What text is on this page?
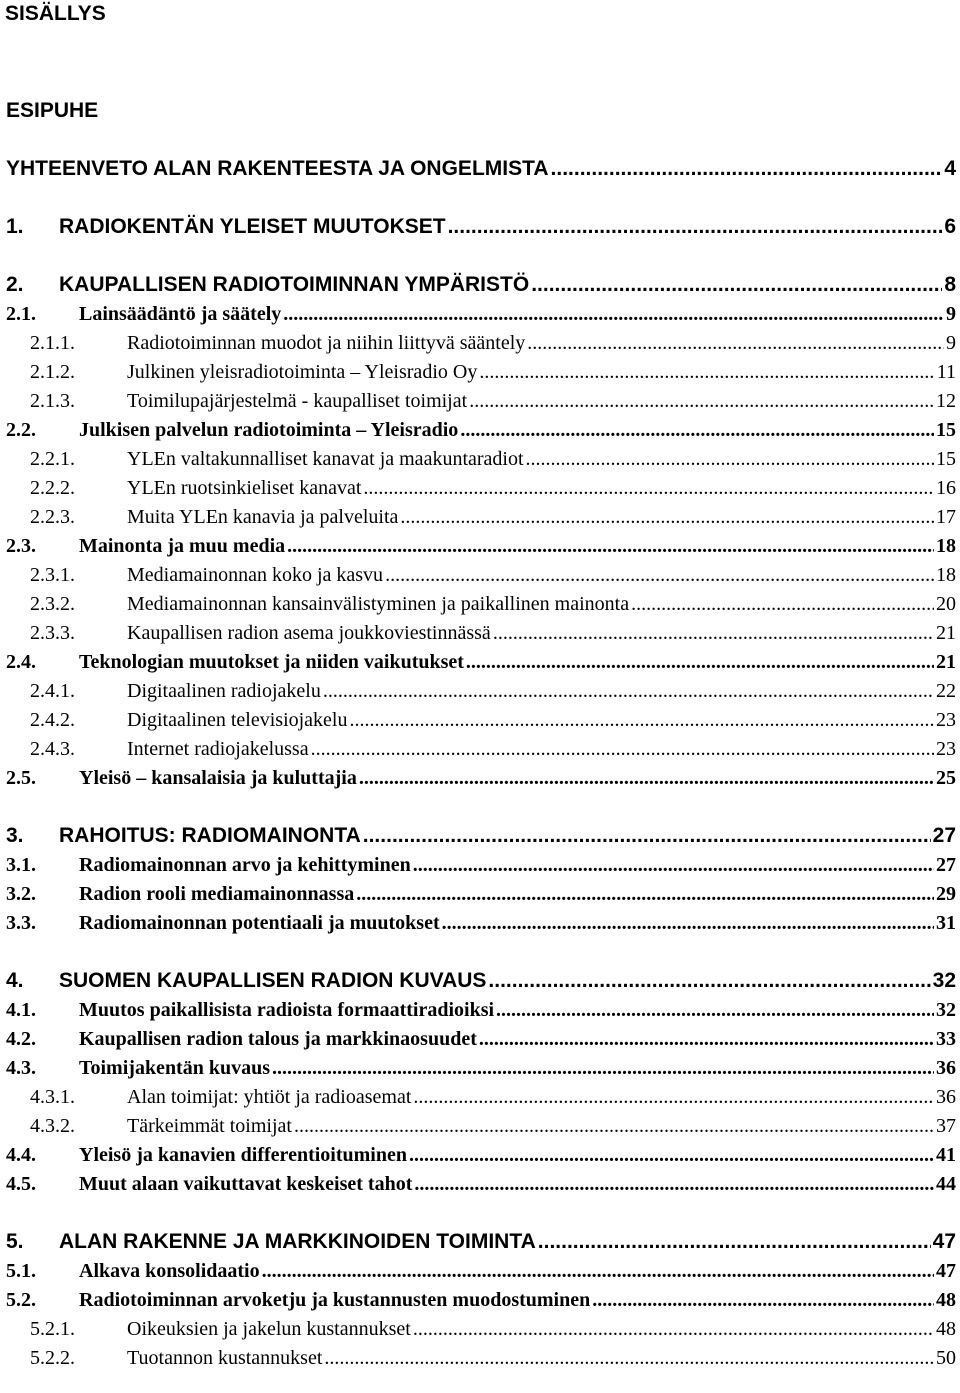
SISÄLLYS
ESIPUHE
YHTEENVETO ALAN RAKENTEESTA JA ONGELMISTA .....	4
1.	RADIOKENTÄN YLEISET MUUTOKSET .....	6
2.	KAUPALLISEN RADIOTOIMINNAN YMPÄRISTÖ .....	8
2.1.	Lainsäädäntö ja säätely .....	9
2.1.1.	Radiotoiminnan muodot ja niihin liittyvä sääntely .....	9
2.1.2.	Julkinen yleisradiotoiminta – Yleisradio Oy .....	11
2.1.3.	Toimilupajärjestelmä - kaupalliset toimijat .....	12
2.2.	Julkisen palvelun radiotoiminta – Yleisradio .....	15
2.2.1.	YLEn valtakunnalliset kanavat ja maakuntaradiot .....	15
2.2.2.	YLEn ruotsinkieliset kanavat .....	16
2.2.3.	Muita YLEn kanavia ja palveluita .....	17
2.3.	Mainonta ja muu media .....	18
2.3.1.	Mediamainonnan koko ja kasvu .....	18
2.3.2.	Mediamainonnan kansainvälistyminen ja paikallinen mainonta .....	20
2.3.3.	Kaupallisen radion asema joukkoviestinnässä .....	21
2.4.	Teknologian muutokset ja niiden vaikutukset .....	21
2.4.1.	Digitaalinen radiojakelu .....	22
2.4.2.	Digitaalinen televisiojakelu .....	23
2.4.3.	Internet radiojakelussa .....	23
2.5.	Yleisö – kansalaisia ja kuluttajia .....	25
3.	RAHOITUS: RADIOMAINONTA .....	27
3.1.	Radiomainonnan arvo ja kehittyminen .....	27
3.2.	Radion rooli mediamainonnassa .....	29
3.3.	Radiomainonnan potentiaali ja muutokset .....	31
4.	SUOMEN KAUPALLISEN RADION KUVAUS .....	32
4.1.	Muutos paikallisista radioista formaattiradioiksi .....	32
4.2.	Kaupallisen radion talous ja markkinaosuudet .....	33
4.3.	Toimijakentän kuvaus .....	36
4.3.1.	Alan toimijat: yhtiöt ja radioasemat .....	36
4.3.2.	Tärkeimmät toimijat .....	37
4.4.	Yleisö ja kanavien differentioituminen .....	41
4.5.	Muut alaan vaikuttavat keskeiset tahot .....	44
5.	ALAN RAKENNE JA MARKKINOIDEN TOIMINTA .....	47
5.1.	Alkava konsolidaatio .....	47
5.2.	Radiotoiminnan arvoketju ja kustannusten muodostuminen .....	48
5.2.1.	Oikeuksien ja jakelun kustannukset .....	48
5.2.2.	Tuotannon kustannukset .....	50
